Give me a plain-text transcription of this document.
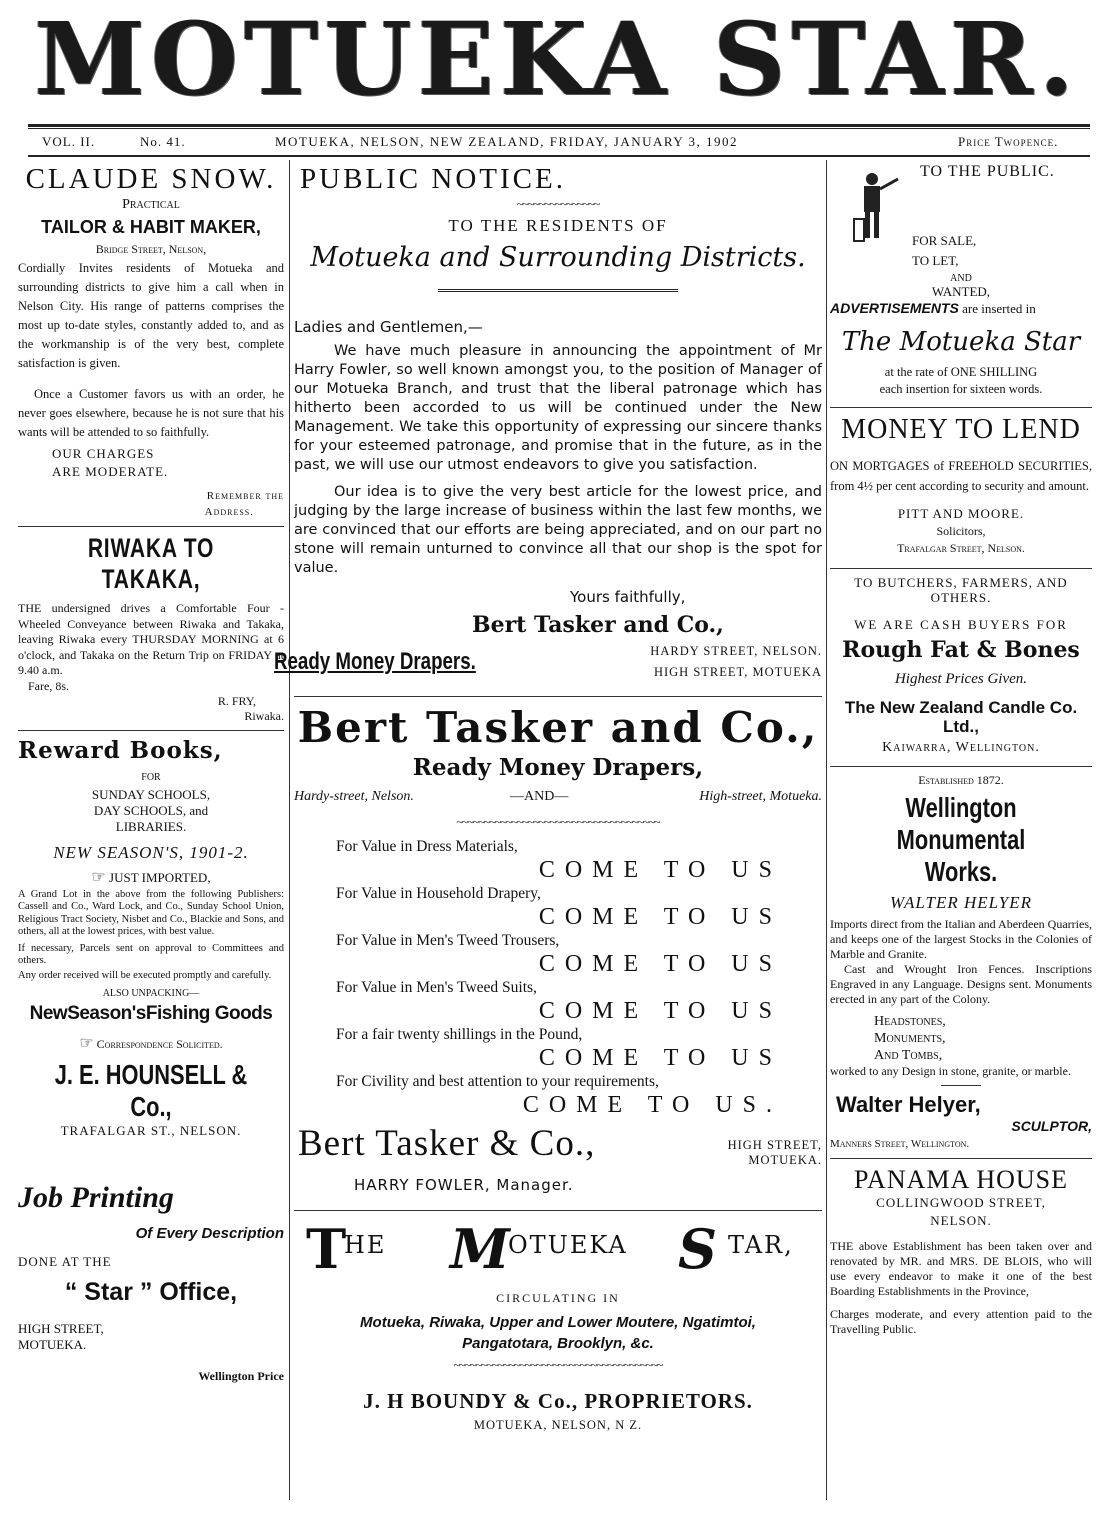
MOTUEKA STAR.
VOL. II.	No. 41.	MOTUEKA, NELSON, NEW ZEALAND, FRIDAY, JANUARY 3, 1902	Price Twopence.
CLAUDE SNOW.
Practical
TAILOR & HABIT MAKER,
Bridge Street, Nelson,

Cordially Invites residents of Motueka and surrounding districts to give him a call when in Nelson City. His range of patterns comprises the most up to-date styles, constantly added to, and as the workmanship is of the very best, complete satisfaction is given.

Once a Customer favors us with an order, he never goes elsewhere, because he is not sure that his wants will be attended to so faithfully.

OUR CHARGES
ARE MODERATE.
Remember the
Address.
RIWAKA TO TAKAKA,

THE undersigned drives a Comfortable Four - Wheeled Conveyance between Riwaka and Takaka, leaving Riwaka every THURSDAY MORNING at 6 o'clock, and Takaka on the Return Trip on FRIDAY at 9.40 a.m.

Fare, 8s.
R. FRY,
Riwaka.
Reward Books,
FOR
SUNDAY SCHOOLS,
DAY SCHOOLS, and
LIBRARIES.
NEW SEASON'S, 1901-2.
☞ JUST IMPORTED,

A Grand Lot in the above from the following Publishers: Cassell and Co., Ward Lock, and Co., Sunday School Union, Religious Tract Society, Nisbet and Co., Blackie and Sons, and others, all at the lowest prices, with best value.

If necessary, Parcels sent on approval to Committees and others.

Any order received will be executed promptly and carefully.

ALSO UNPACKING—
NewSeason'sFishing Goods
☞ Correspondence Solicited.
J. E. HOUNSELL & Co.,
TRAFALGAR ST., NELSON.
Job Printing
Of Every Description
DONE AT THE
“ Star ” Office,
HIGH STREET,
MOTUEKA.
Wellington Price
PUBLIC NOTICE.
~~~~~~~~~~~~~~~
TO THE RESIDENTS OF
Motueka and Surrounding Districts.
Ladies and Gentlemen,—

We have much pleasure in announcing the appointment of Mr Harry Fowler, so well known amongst you, to the position of Manager of our Motueka Branch, and trust that the liberal patronage which has hitherto been accorded to us will be continued under the New Management. We take this opportunity of expressing our sincere thanks for your esteemed patronage, and promise that in the future, as in the past, we will use our utmost endeavors to give you satisfaction.

Our idea is to give the very best article for the lowest price, and judging by the large increase of business within the last few months, we are convinced that our efforts are being appreciated, and on our part no stone will remain unturned to convince all that our shop is the spot for value.

Yours faithfully,
Bert Tasker and Co.,
Ready Money Drapers.	HARDY STREET, NELSON.
HIGH STREET, MOTUEKA
Bert Tasker and Co.,
Ready Money Drapers,
Hardy-street, Nelson.	—AND—	High-street, Motueka.
~~~~~~~~~~~~~~~~~~~~~~~~~~~~~~~~~~~~~
For Value in Dress Materials,
COME TO US
For Value in Household Drapery,
COME TO US
For Value in Men's Tweed Trousers,
COME TO US
For Value in Men's Tweed Suits,
COME TO US
For a fair twenty shillings in the Pound,
COME TO US
For Civility and best attention to your requirements,
COME TO US.
Bert Tasker & Co.,	HIGH STREET,
MOTUEKA.
HARRY FOWLER, Manager.
T
HE M
OTUEKA S TAR,
CIRCULATING IN
Motueka, Riwaka, Upper and Lower Moutere, Ngatimtoi,
Pangatotara, Brooklyn, &c.
~~~~~~~~~~~~~~~~~~~~~~~~~~~~~~~~~~~~~~
J. H BOUNDY & Co., PROPRIETORS.
MOTUEKA, NELSON, N Z.
TO THE PUBLIC.
FOR SALE,
TO LET,
AND
WANTED,
ADVERTISEMENTS are inserted in
The Motueka Star
at the rate of ONE SHILLING
each insertion for sixteen words.
MONEY TO LEND

ON MORTGAGES of FREEHOLD SECURITIES, from 4½ per cent according to security and amount.

PITT AND MOORE.
Solicitors,
Trafalgar Street, Nelson.
TO BUTCHERS, FARMERS, AND OTHERS.
WE ARE CASH BUYERS FOR
Rough Fat & Bones
Highest Prices Given.
The New Zealand Candle Co. Ltd.,
Kaiwarra, Wellington.
Established 1872.
Wellington Monumental Works.
WALTER HELYER

Imports direct from the Italian and Aberdeen Quarries, and keeps one of the largest Stocks in the Colonies of Marble and Granite.

Cast and Wrought Iron Fences. Inscriptions Engraved in any Language. Designs sent. Monuments erected in any part of the Colony.

Headstones,
Monuments,
And Tombs,

worked to any Design in stone, granite, or marble.

Walter Helyer,
SCULPTOR,
Manners Street, Wellington.
PANAMA HOUSE
COLLINGWOOD STREET,
NELSON.

THE above Establishment has been taken over and renovated by MR. and MRS. DE BLOIS, who will use every endeavor to make it one of the best Boarding Establishments in the Province,

Charges moderate, and every attention paid to the Travelling Public.
